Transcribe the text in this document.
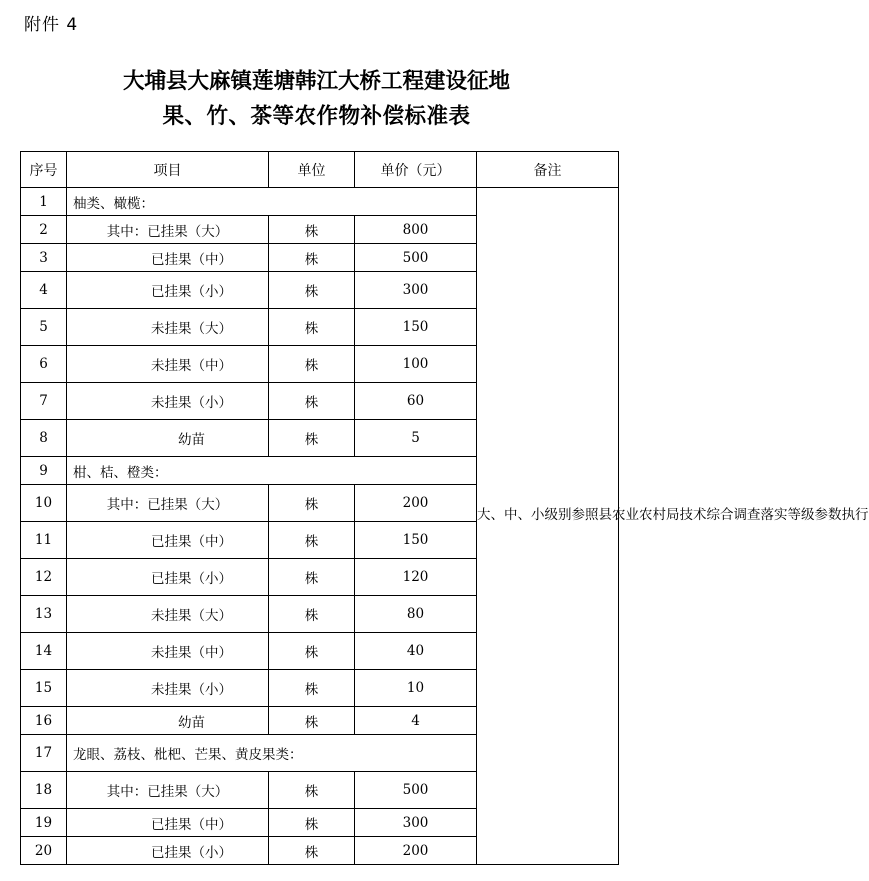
附件 4
大埔县大麻镇莲塘韩江大桥工程建设征地
果、竹、茶等农作物补偿标准表
序号	项目	单位	单价（元）	备注
1	柚类、橄榄：			大、中、小级别参照县农业农村局技术综合调查落实等级参数执行

2	其中：已挂果（大）	株	800	
3	已挂果（中）	株	500	
4	已挂果（小）	株	300	
5	未挂果（大）	株	150	
6	未挂果（中）	株	100	
7	未挂果（小）	株	60	
8	幼苗	株	5	
9	柑、桔、橙类：			
10	其中：已挂果（大）	株	200	
11	已挂果（中）	株	150	
12	已挂果（小）	株	120	
13	未挂果（大）	株	80	
14	未挂果（中）	株	40	
15	未挂果（小）	株	10	
16	幼苗	株	4	
17	龙眼、荔枝、枇杷、芒果、黄皮果类：			
18	其中：已挂果（大）	株	500	
19	已挂果（中）	株	300	
20	已挂果（小）	株	200	
